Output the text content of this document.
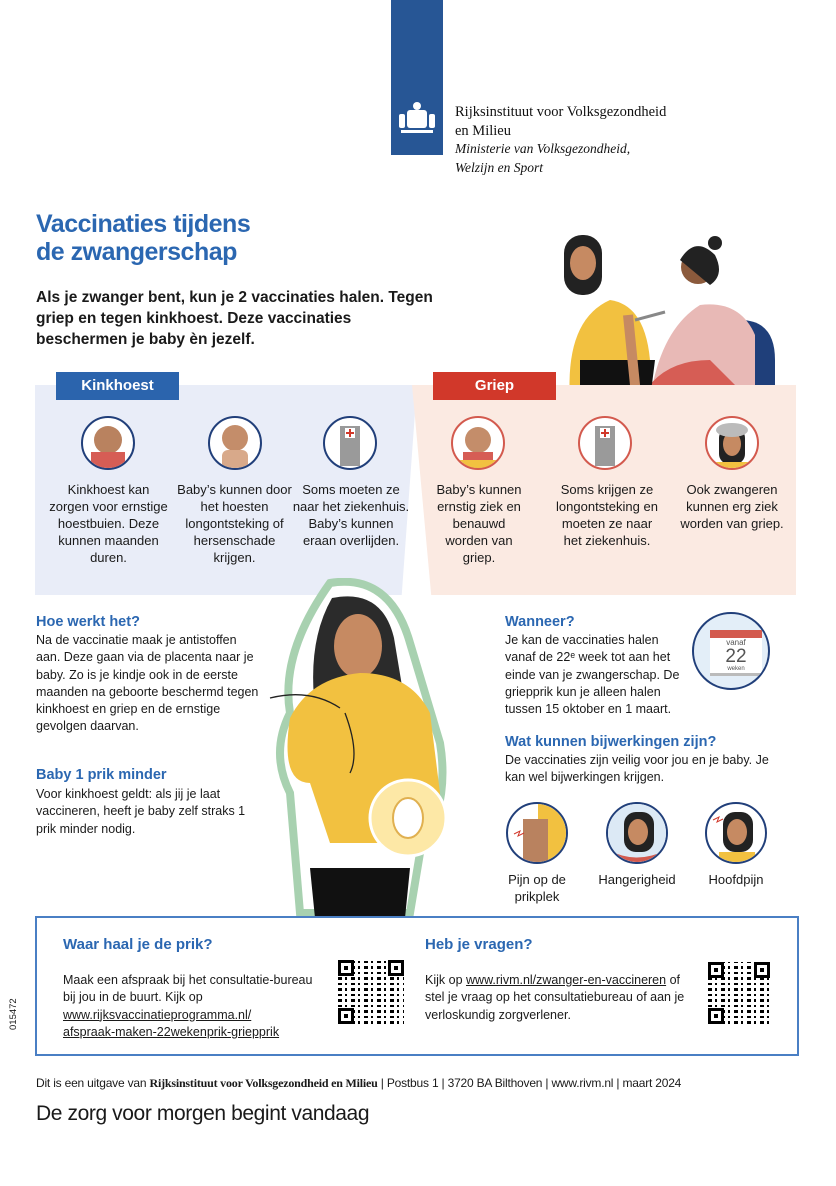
Rijksinstituut voor Volksgezondheid
en Milieu
Ministerie van Volksgezondheid,
Welzijn en Sport
Vaccinaties tijdens
de zwangerschap
Als je zwanger bent, kun je 2 vaccinaties halen. Tegen griep en tegen kinkhoest. Deze vaccinaties beschermen je baby èn jezelf.
Kinkhoest	Griep
Kinkhoest kan zorgen voor ernstige hoestbuien. Deze kunnen maanden duren.
Baby’s kunnen door het hoesten longontsteking of hersenschade krijgen.
Soms moeten ze naar het ziekenhuis. Baby’s kunnen eraan overlijden.
Baby’s kunnen ernstig ziek en benauwd worden van griep.
Soms krijgen ze longontsteking en moeten ze naar het ziekenhuis.
Ook zwangeren kunnen erg ziek worden van griep.
Hoe werkt het?
Na de vaccinatie maak je antistoffen aan. Deze gaan via de placenta naar je baby. Zo is je kindje ook in de eerste maanden na geboorte beschermd tegen kinkhoest en griep en de ernstige gevolgen daarvan.
Baby 1 prik minder
Voor kinkhoest geldt: als jij je laat vaccineren, heeft je baby zelf straks 1 prik minder nodig.
Wanneer?
Je kan de vaccinaties halen vanaf de 22ᵉ week tot aan het einde van je zwangerschap. De griepprik kun je alleen halen tussen 15 oktober en 1 maart.
vanaf
22
weken
Wat kunnen bijwerkingen zijn?
De vaccinaties zijn veilig voor jou en je baby. Je kan wel bijwerkingen krijgen.
Pijn op de prikplek
Hangerigheid	Hoofdpijn
Waar haal je de prik?
Maak een afspraak bij het consultatie-bureau bij jou in de buurt. Kijk op
www.rijksvaccinatieprogramma.nl/
afspraak-maken-22wekenprik-griepprik
Heb je vragen?
Kijk op www.rivm.nl/zwanger-en-vaccineren of stel je vraag op het consultatiebureau of aan je verloskundig zorgverlener.
015472
Dit is een uitgave van Rijksinstituut voor Volksgezondheid en Milieu | Postbus 1 | 3720 BA Bilthoven | www.rivm.nl | maart 2024
De zorg voor morgen begint vandaag
